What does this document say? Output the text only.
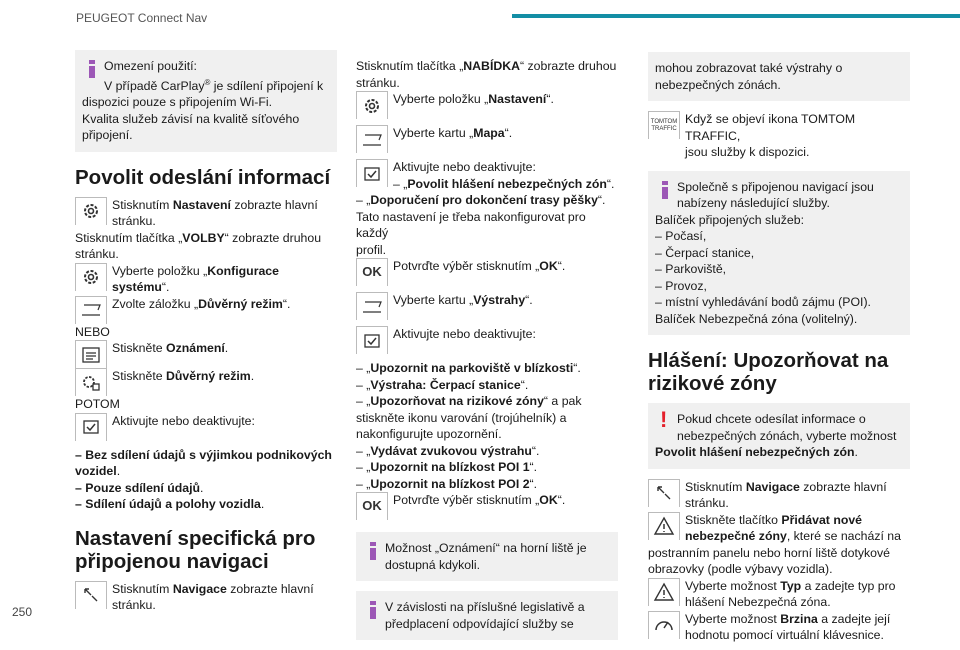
PEUGEOT Connect Nav
250
Omezení použití:
V případě CarPlay® je sdílení připojení k
dispozici pouze s připojením Wi-Fi.
Kvalita služeb závisí na kvalitě síťového
připojení.
Povolit odeslání informací
Stisknutím Nastavení zobrazte hlavní
stránku.
Stisknutím tlačítka „VOLBY“ zobrazte druhou
stránku.
Vyberte položku „Konfigurace systému“.
Zvolte záložku „Důvěrný režim“.
NEBO
Stiskněte Oznámení.
Stiskněte Důvěrný režim.
POTOM
Aktivujte nebo deaktivujte:
– Bez sdílení údajů s výjimkou podnikových
vozidel.
– Pouze sdílení údajů.
– Sdílení údajů a polohy vozidla.
Nastavení specifická pro připojenou navigaci
Stisknutím Navigace zobrazte hlavní
stránku.
Stisknutím tlačítka „NABÍDKA“ zobrazte druhou
stránku.
Vyberte položku „Nastavení“.
Vyberte kartu „Mapa“.
Aktivujte nebo deaktivujte:
– „Povolit hlášení nebezpečných zón“.
– „Doporučení pro dokončení trasy pěšky“.
Tato nastavení je třeba nakonfigurovat pro každý
profil.
OK Potvrďte výběr stisknutím „OK“.
Vyberte kartu „Výstrahy“.
Aktivujte nebo deaktivujte:
– „Upozornit na parkoviště v blízkosti“.
– „Výstraha: Čerpací stanice“.
– „Upozorňovat na rizikové zóny“ a pak
stiskněte ikonu varování (trojúhelník) a
nakonfigurujte upozornění.
– „Vydávat zvukovou výstrahu“.
– „Upozornit na blízkost POI 1“.
– „Upozornit na blízkost POI 2“.
OK Potvrďte výběr stisknutím „OK“.
Možnost „Oznámení“ na horní liště je
dostupná kdykoli.
V závislosti na příslušné legislativě a
předplacení odpovídající služby se
mohou zobrazovat také výstrahy o
nebezpečných zónách.
TOMTOM
TRAFFIC
Když se objeví ikona TOMTOM TRAFFIC,
jsou služby k dispozici.
Společně s připojenou navigací jsou
nabízeny následující služby.
Balíček připojených služeb:
– Počasí,
– Čerpací stanice,
– Parkoviště,
– Provoz,
– místní vyhledávání bodů zájmu (POI).
Balíček Nebezpečná zóna (volitelný).
Hlášení: Upozorňovat na rizikové zóny
! Pokud chcete odesílat informace o
nebezpečných zónách, vyberte možnost
Povolit hlášení nebezpečných zón.
Stisknutím Navigace zobrazte hlavní
stránku.
Stiskněte tlačítko Přidávat nové
nebezpečné zóny, které se nachází na
postranním panelu nebo horní liště dotykové
obrazovky (podle výbavy vozidla).
Vyberte možnost Typ a zadejte typ pro
hlášení Nebezpečná zóna.
Vyberte možnost Brzina a zadejte její
hodnotu pomocí virtuální klávesnice.
